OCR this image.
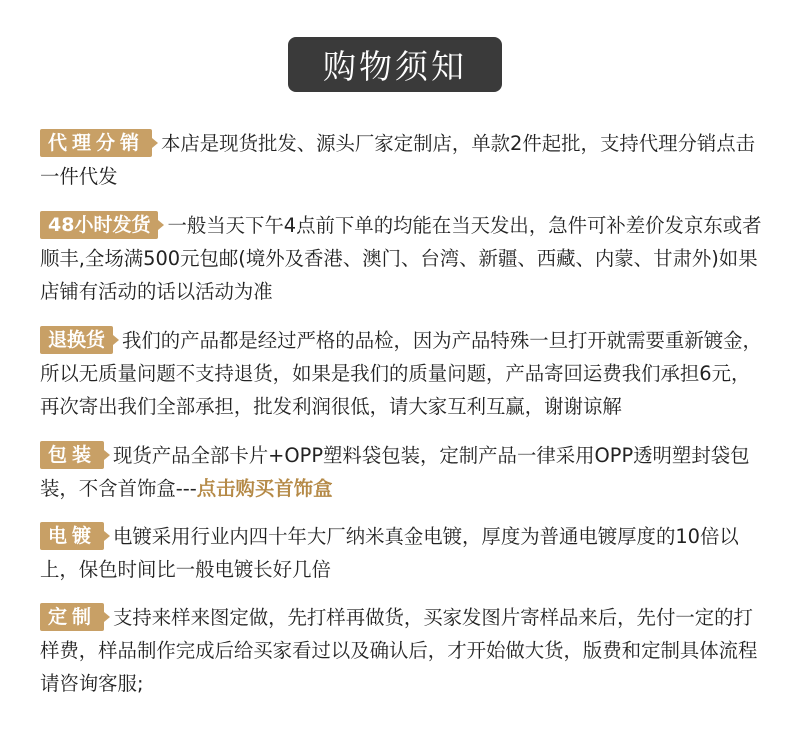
购物须知

代理分销 本店是现货批发、源头厂家定制店，单款2件起批，支持代理分销点击一件代发

48小时发货 一般当天下午4点前下单的均能在当天发出，急件可补差价发京东或者顺丰,全场满500元包邮(境外及香港、澳门、台湾、新疆、西藏、内蒙、甘肃外)如果店铺有活动的话以活动为准

退换货 我们的产品都是经过严格的品检，因为产品特殊一旦打开就需要重新镀金，所以无质量问题不支持退货，如果是我们的质量问题，产品寄回运费我们承担6元，再次寄出我们全部承担，批发利润很低，请大家互利互赢，谢谢谅解

包装 现货产品全部卡片+OPP塑料袋包装，定制产品一律采用OPP透明塑封袋包装，不含首饰盒---点击购买首饰盒

电镀 电镀采用行业内四十年大厂纳米真金电镀，厚度为普通电镀厚度的10倍以上，保色时间比一般电镀长好几倍

定制 支持来样来图定做，先打样再做货，买家发图片寄样品来后，先付一定的打样费，样品制作完成后给买家看过以及确认后，才开始做大货，版费和定制具体流程请咨询客服;
